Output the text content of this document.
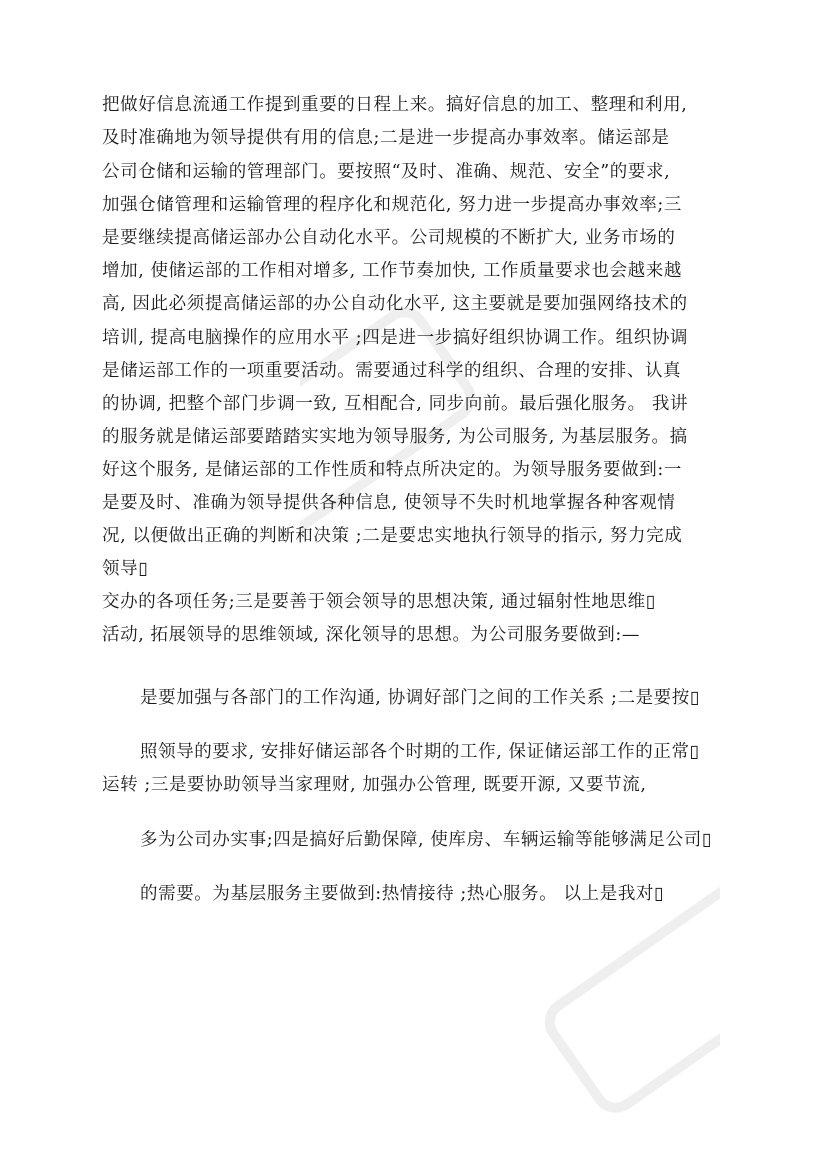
把做好信息流通工作提到重要的日程上来。搞好信息的加工、整理和利用,
及时准确地为领导提供有用的信息;二是进一步提高办事效率。储运部是
公司仓储和运输的管理部门。要按照“及时、准确、规范、安全”的要求,
加强仓储管理和运输管理的程序化和规范化, 努力进一步提高办事效率;三
是要继续提高储运部办公自动化水平。公司规模的不断扩大, 业务市场的
增加, 使储运部的工作相对增多, 工作节奏加快, 工作质量要求也会越来越
高, 因此必须提高储运部的办公自动化水平, 这主要就是要加强网络技术的
培训, 提高电脑操作的应用水平 ;四是进一步搞好组织协调工作。组织协调
是储运部工作的一项重要活动。需要通过科学的组织、合理的安排、认真
的协调, 把整个部门步调一致, 互相配合, 同步向前。最后强化服务。 我讲
的服务就是储运部要踏踏实实地为领导服务, 为公司服务, 为基层服务。搞
好这个服务, 是储运部的工作性质和特点所决定的。为领导服务要做到:一
是要及时、准确为领导提供各种信息, 使领导不失时机地掌握各种客观情
况, 以便做出正确的判断和决策 ;二是要忠实地执行领导的指示, 努力完成
领导▯
交办的各项任务;三是要善于领会领导的思想决策, 通过辐射性地思维▯
活动, 拓展领导的思维领域, 深化领导的思想。为公司服务要做到:—
是要加强与各部门的工作沟通, 协调好部门之间的工作关系 ;二是要按▯
照领导的要求, 安排好储运部各个时期的工作, 保证储运部工作的正常▯
运转 ;三是要协助领导当家理财, 加强办公管理, 既要开源, 又要节流,
多为公司办实事;四是搞好后勤保障, 使库房、车辆运输等能够满足公司▯
的需要。为基层服务主要做到:热情接待 ;热心服务。 以上是我对▯
